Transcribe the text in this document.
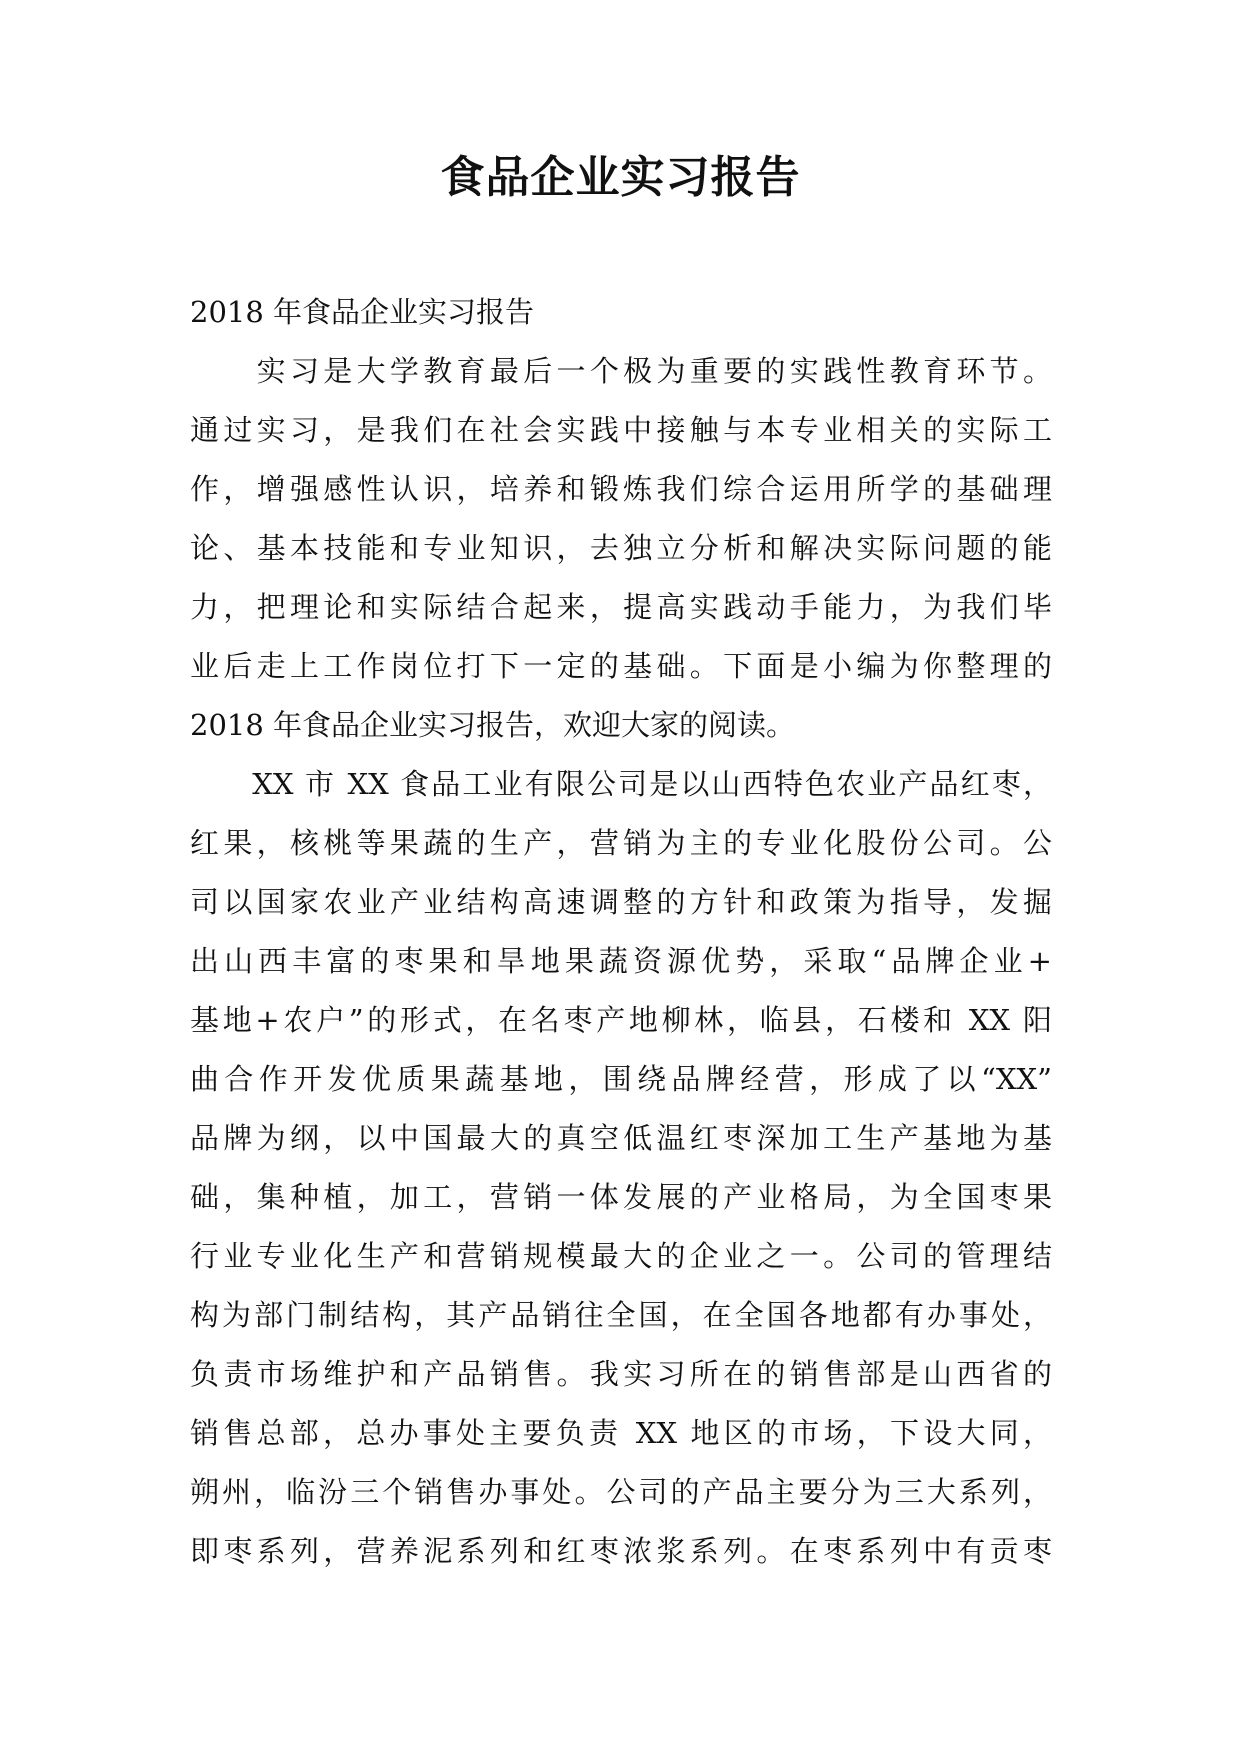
食品企业实习报告
2018 年食品企业实习报告
　　实习是大学教育最后一个极为重要的实践性教育环节。
通过实习，是我们在社会实践中接触与本专业相关的实际工
作，增强感性认识，培养和锻炼我们综合运用所学的基础理
论、基本技能和专业知识，去独立分析和解决实际问题的能
力，把理论和实际结合起来，提高实践动手能力，为我们毕
业后走上工作岗位打下一定的基础。下面是小编为你整理的
2018 年食品企业实习报告，欢迎大家的阅读。
　　XX 市 XX 食品工业有限公司是以山西特色农业产品红枣，
红果，核桃等果蔬的生产，营销为主的专业化股份公司。公
司以国家农业产业结构高速调整的方针和政策为指导，发掘
出山西丰富的枣果和旱地果蔬资源优势，采取“品牌企业+
基地+农户”的形式，在名枣产地柳林，临县，石楼和 XX 阳
曲合作开发优质果蔬基地，围绕品牌经营，形成了以“XX”
品牌为纲，以中国最大的真空低温红枣深加工生产基地为基
础，集种植，加工，营销一体发展的产业格局，为全国枣果
行业专业化生产和营销规模最大的企业之一。公司的管理结
构为部门制结构，其产品销往全国，在全国各地都有办事处，
负责市场维护和产品销售。我实习所在的销售部是山西省的
销售总部，总办事处主要负责 XX 地区的市场，下设大同，
朔州，临汾三个销售办事处。公司的产品主要分为三大系列，
即枣系列，营养泥系列和红枣浓浆系列。在枣系列中有贡枣
